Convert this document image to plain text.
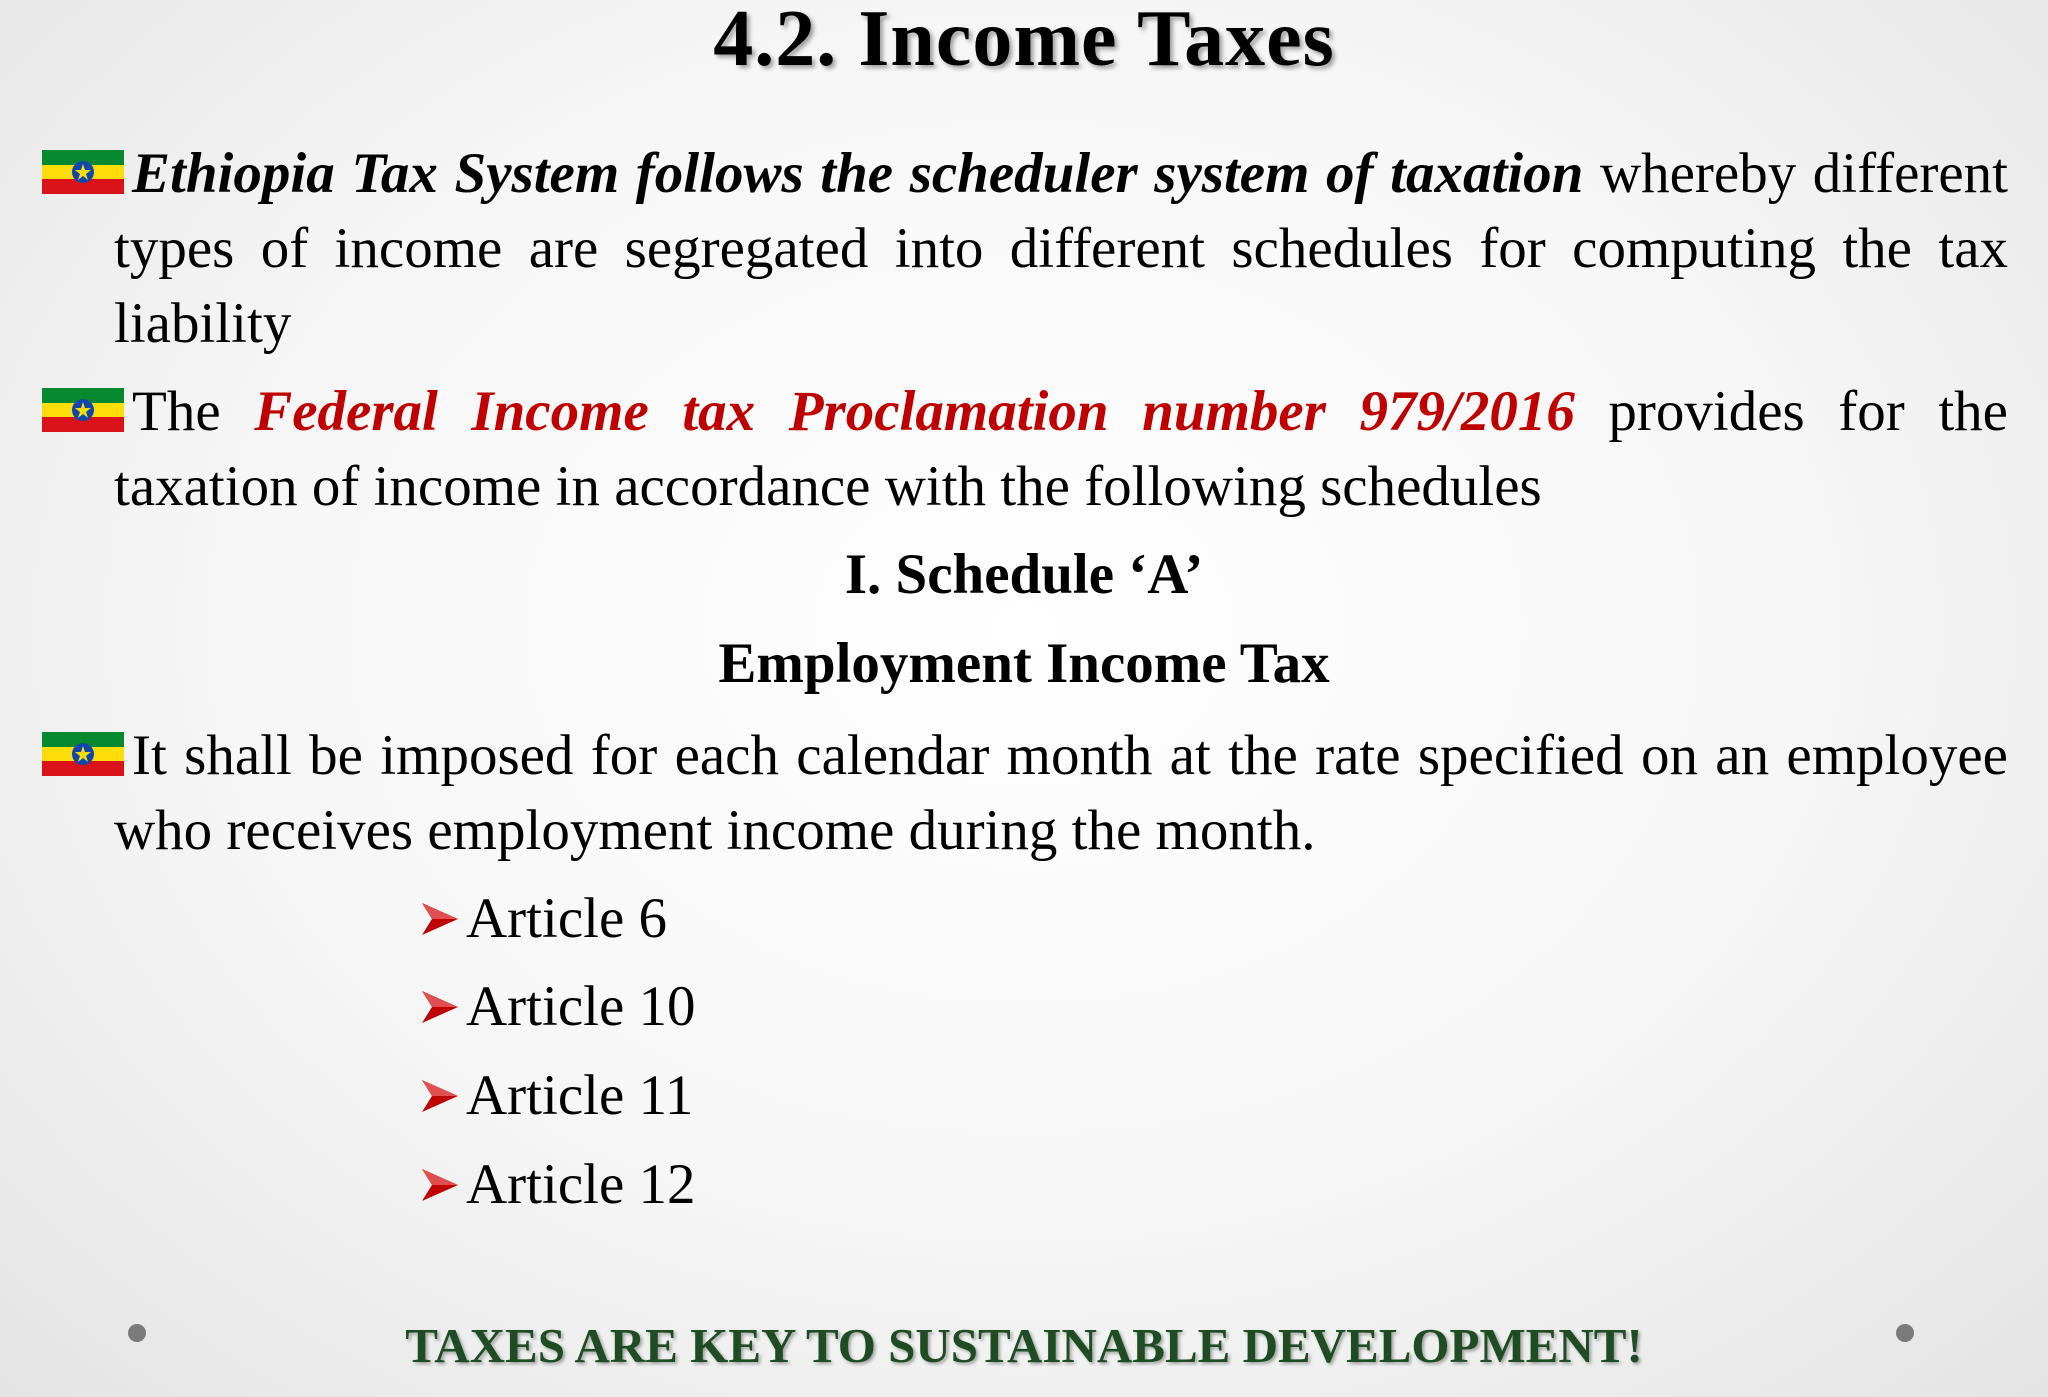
4.2. Income Taxes
Ethiopia Tax System follows the scheduler system of taxation whereby different types of income are segregated into different schedules for computing the tax liability
The Federal Income tax Proclamation number 979/2016 provides for the taxation of income in accordance with the following schedules
I. Schedule ‘A’
Employment Income Tax
It shall be imposed for each calendar month at the rate specified on an employee who receives employment income during the month.
Article 6
Article 10
Article 11
Article 12
TAXES ARE KEY TO SUSTAINABLE DEVELOPMENT!
